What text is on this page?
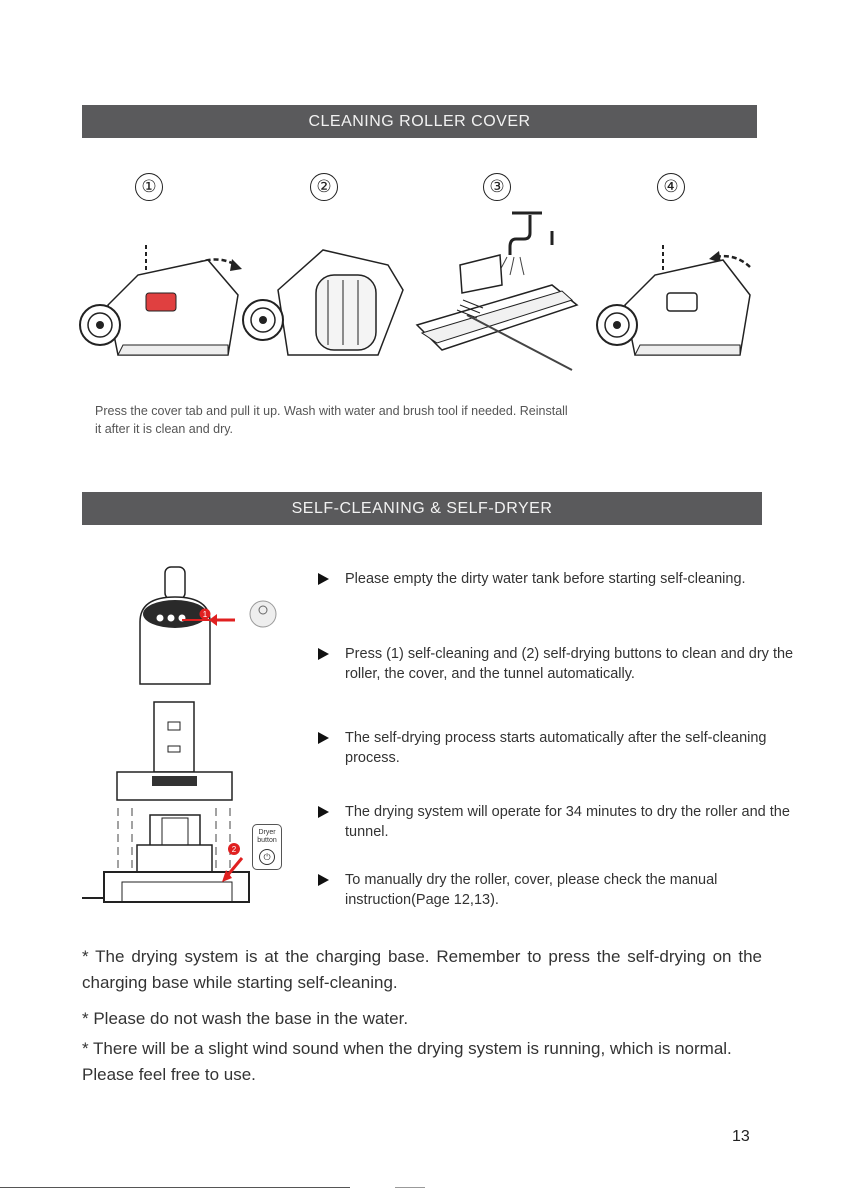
CLEANING ROLLER COVER
①	②	③	④
Press the cover tab and pull it up. Wash with water and brush tool if needed. Reinstall it after it is clean and dry.
SELF-CLEANING & SELF-DRYER
1
2
Dryer
button
⏻
Please empty the dirty water tank before starting self-cleaning.
Press (1) self-cleaning and (2) self-drying buttons to clean and dry the roller, the cover, and the tunnel automatically.
The self-drying process starts automatically after the self-cleaning process.
The drying system will operate for 34 minutes to dry the roller and the tunnel.
To manually dry the roller, cover, please check the manual instruction(Page 12,13).
* The drying system is at the charging base. Remember to press the self-drying on the charging base while starting self-cleaning.
* Please do not wash the base in the water.
* There will be a slight wind sound when the drying system is running, which is normal. Please feel free to use.
13
